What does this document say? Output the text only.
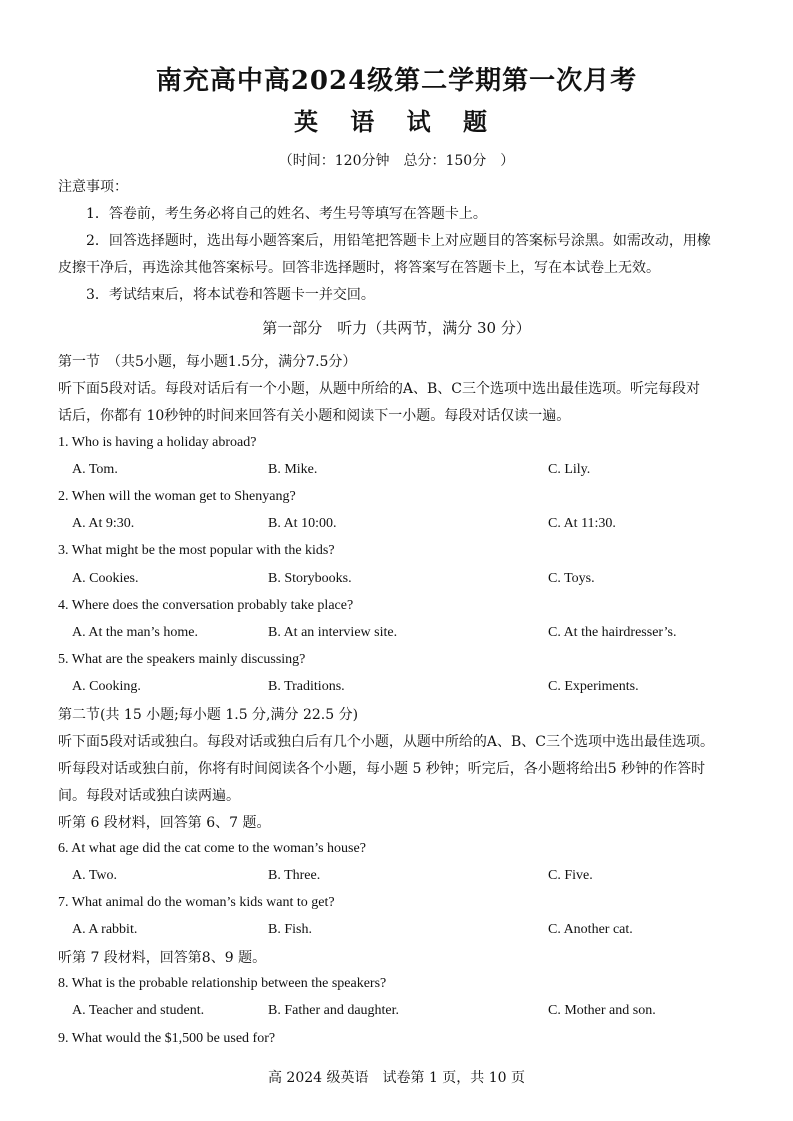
南充高中高2024级第二学期第一次月考
英 语 试 题
（时间：120分钟　总分：150分　）
注意事项：
1．答卷前，考生务必将自己的姓名、考生号等填写在答题卡上。
2．回答选择题时，选出每小题答案后，用铅笔把答题卡上对应题目的答案标号涂黑。如需改动，用橡
皮擦干净后，再选涂其他答案标号。回答非选择题时，将答案写在答题卡上，写在本试卷上无效。
3．考试结束后，将本试卷和答题卡一并交回。
第一部分　听力（共两节，满分 30 分）
第一节　（共5小题，每小题1.5分，满分7.5分）
听下面5段对话。每段对话后有一个小题，从题中所给的A、B、C三个选项中选出最佳选项。听完每段对
话后，你都有 10秒钟的时间来回答有关小题和阅读下一小题。每段对话仅读一遍。
1. Who is having a holiday abroad?
A. Tom.	B. Mike.	C. Lily.
2. When will the woman get to Shenyang?
A. At 9:30.	B. At 10:00.	C. At 11:30.
3. What might be the most popular with the kids?
A. Cookies.	B. Storybooks.	C. Toys.
4. Where does the conversation probably take place?
A. At the man’s home.	B. At an interview site.	C. At the hairdresser’s.
5. What are the speakers mainly discussing?
A. Cooking.	B. Traditions.	C. Experiments.
第二节(共 15 小题;每小题 1.5 分,满分 22.5 分)
听下面5段对话或独白。每段对话或独白后有几个小题，从题中所给的A、B、C三个选项中选出最佳选项。
听每段对话或独白前，你将有时间阅读各个小题，每小题 5 秒钟；听完后，各小题将给出5 秒钟的作答时
间。每段对话或独白读两遍。
听第 6 段材料，回答第 6、7 题。
6. At what age did the cat come to the woman’s house?
A. Two.	B. Three.	C. Five.
7. What animal do the woman’s kids want to get?
A. A rabbit.	B. Fish.	C. Another cat.
听第 7 段材料，回答第8、9 题。
8. What is the probable relationship between the speakers?
A. Teacher and student.	B. Father and daughter.	C. Mother and son.
9. What would the $1,500 be used for?
高 2024 级英语　试卷第 1 页，共 10 页
